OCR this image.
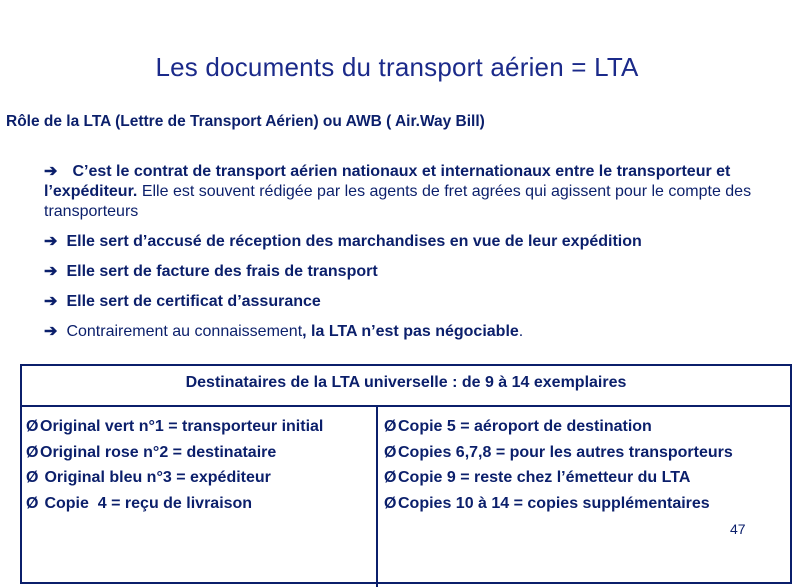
Les documents du transport aérien = LTA
Rôle de la LTA (Lettre de Transport Aérien) ou AWB ( Air.Way Bill)
➔ C’est le contrat de transport aérien nationaux et internationaux entre le transporteur et l’expéditeur. Elle est souvent rédigée par les agents de fret agrées qui agissent pour le compte des transporteurs
➔ Elle sert d’accusé de réception des marchandises en vue de leur expédition
➔ Elle sert de facture des frais de transport
➔ Elle sert de certificat d’assurance
➔ Contrairement au connaissement, la LTA n’est pas négociable.
Destinataires de la LTA universelle : de 9 à 14 exemplaires
ØOriginal vert n°1 = transporteur initial
ØOriginal rose n°2 = destinataire
Ø Original bleu n°3 = expéditeur
Ø Copie  4 = reçu de livraison
ØCopie 5 = aéroport de destination
ØCopies 6,7,8 = pour les autres transporteurs
ØCopie 9 = reste chez l’émetteur du LTA
ØCopies 10 à 14 = copies supplémentaires
47
